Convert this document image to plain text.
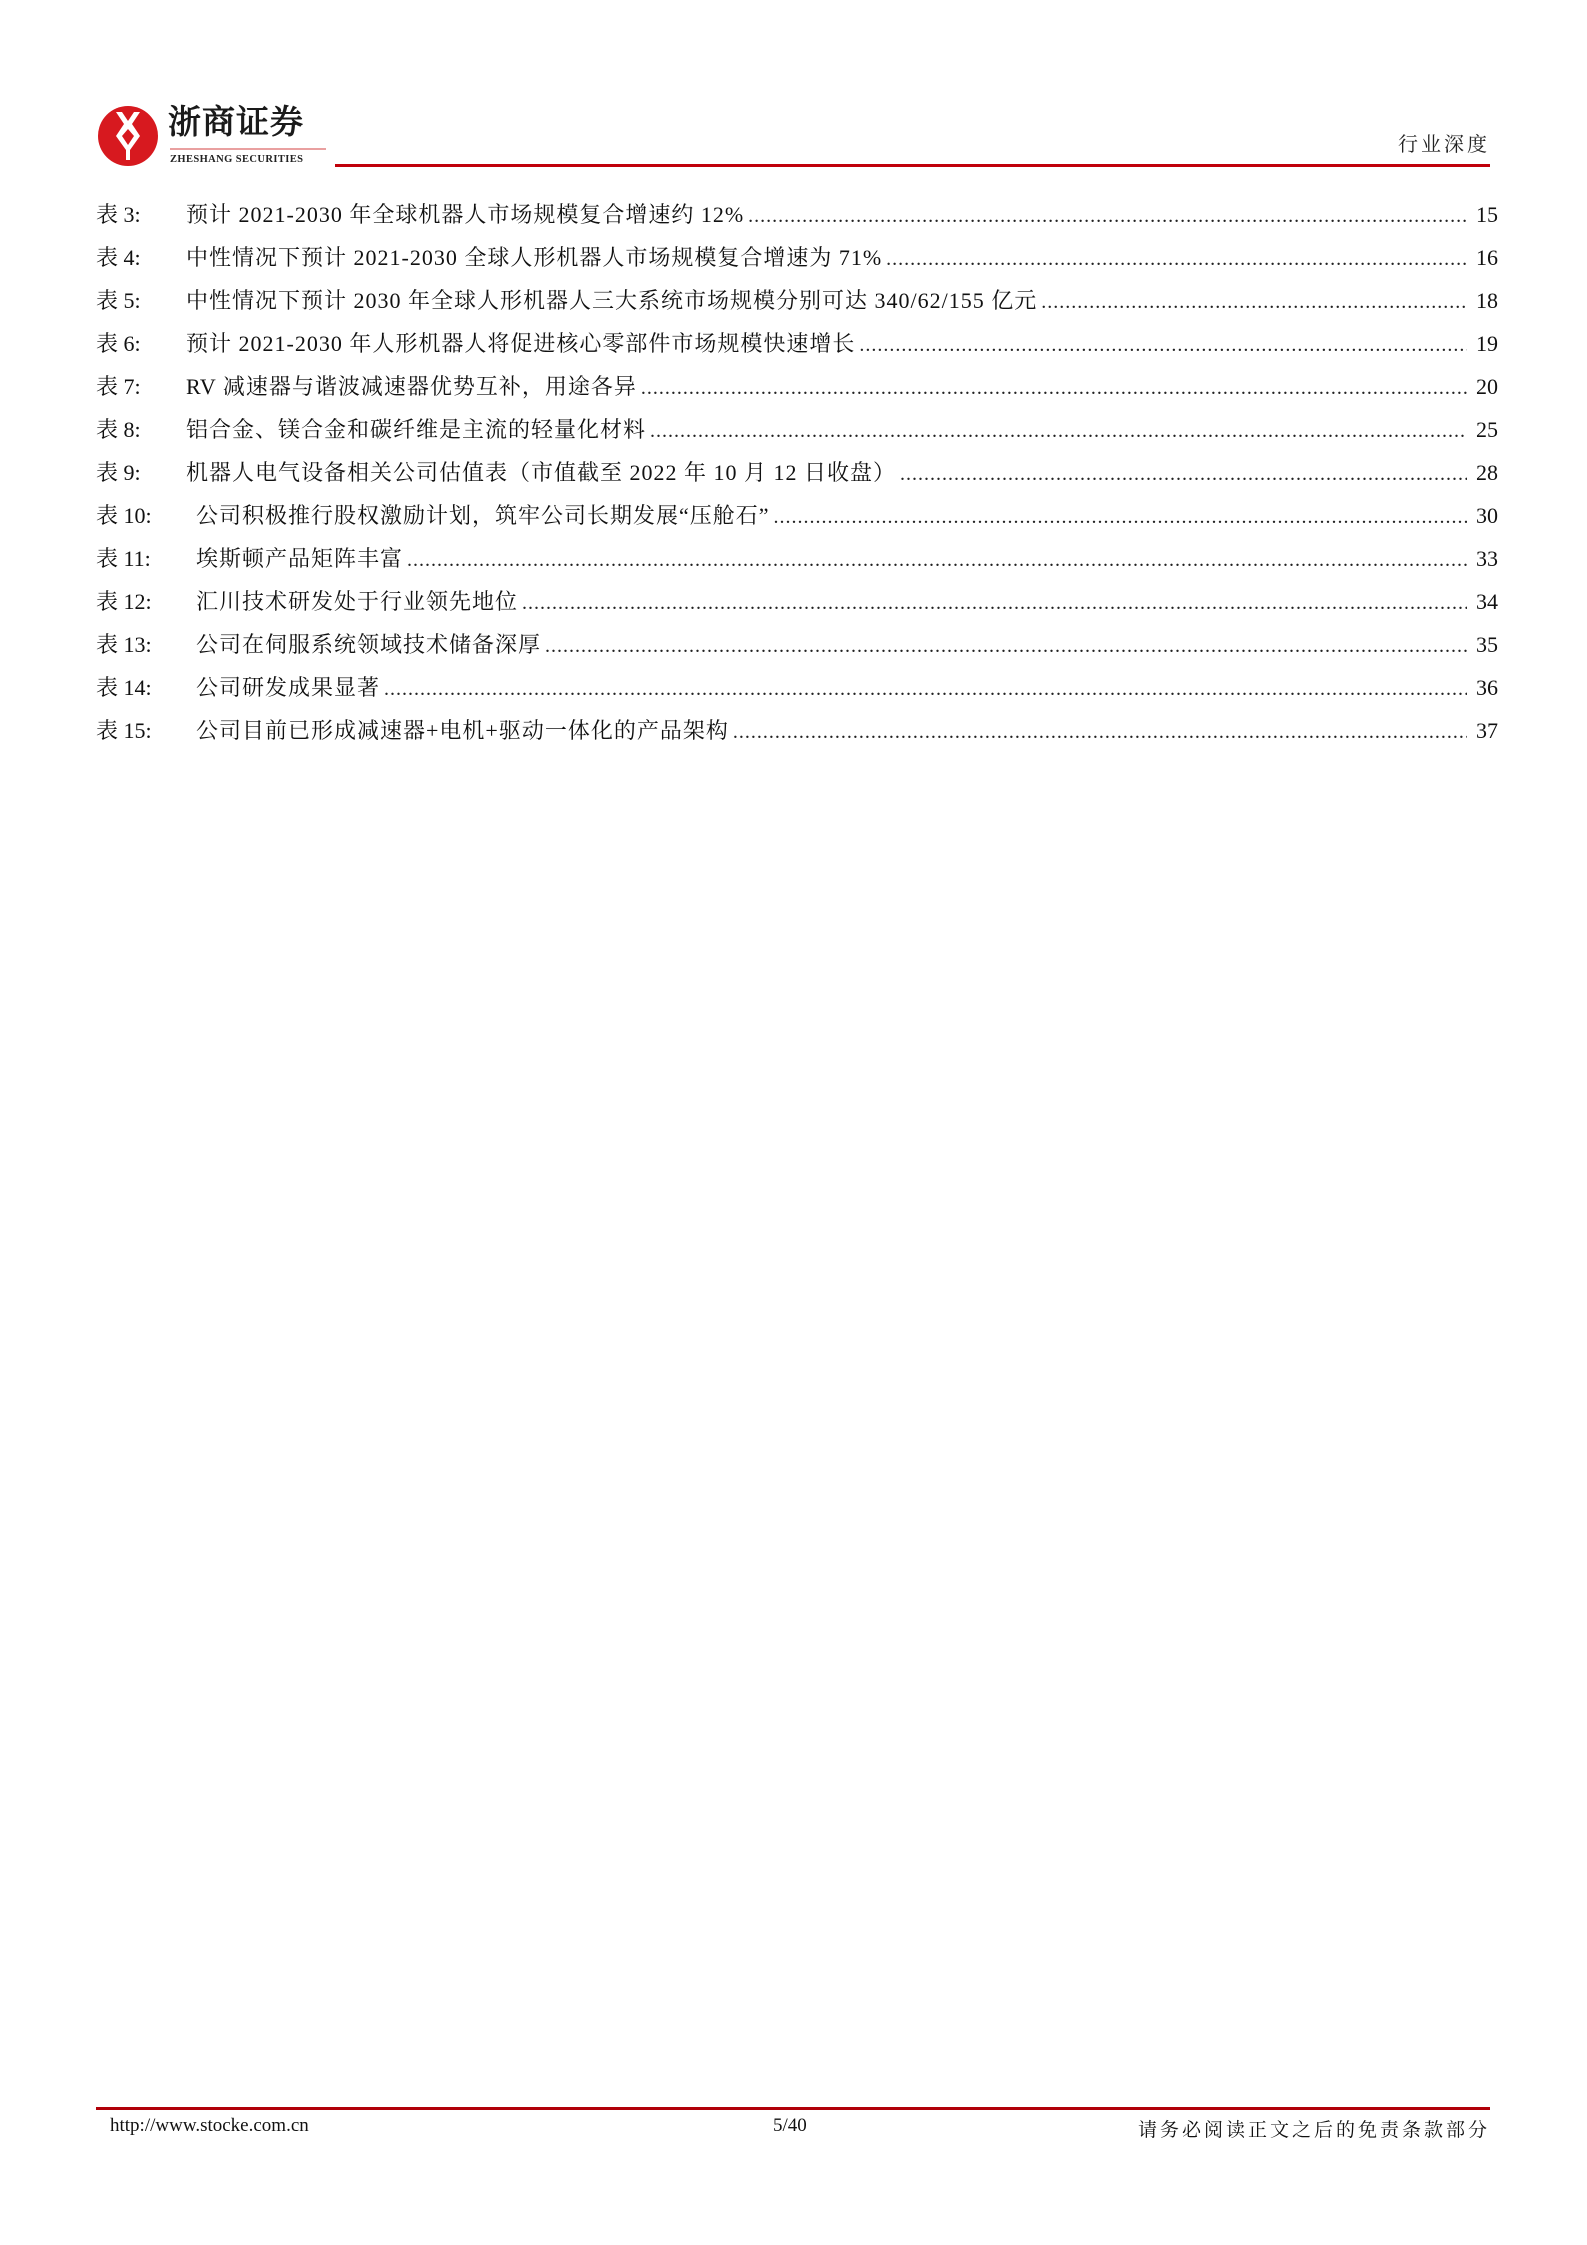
浙商证券
ZHESHANG SECURITIES
行业深度
表 3:	预计 2021-2030 年全球机器人市场规模复合增速约 12% .....	15
表 4:	中性情况下预计 2021-2030 全球人形机器人市场规模复合增速为 71% .....	16
表 5:	中性情况下预计 2030 年全球人形机器人三大系统市场规模分别可达 340/62/155 亿元 .....	18
表 6:	预计 2021-2030 年人形机器人将促进核心零部件市场规模快速增长 .....	19
表 7:	RV 减速器与谐波减速器优势互补，用途各异 .....	20
表 8:	铝合金、镁合金和碳纤维是主流的轻量化材料 .....	25
表 9:	机器人电气设备相关公司估值表（市值截至 2022 年 10 月 12 日收盘） .....	28
表 10:	公司积极推行股权激励计划，筑牢公司长期发展“压舱石” .....	30
表 11:	埃斯顿产品矩阵丰富 .....	33
表 12:	汇川技术研发处于行业领先地位 .....	34
表 13:	公司在伺服系统领域技术储备深厚 .....	35
表 14:	公司研发成果显著 .....	36
表 15:	公司目前已形成减速器+电机+驱动一体化的产品架构 .....	37
http://www.stocke.com.cn	5/40	请务必阅读正文之后的免责条款部分
